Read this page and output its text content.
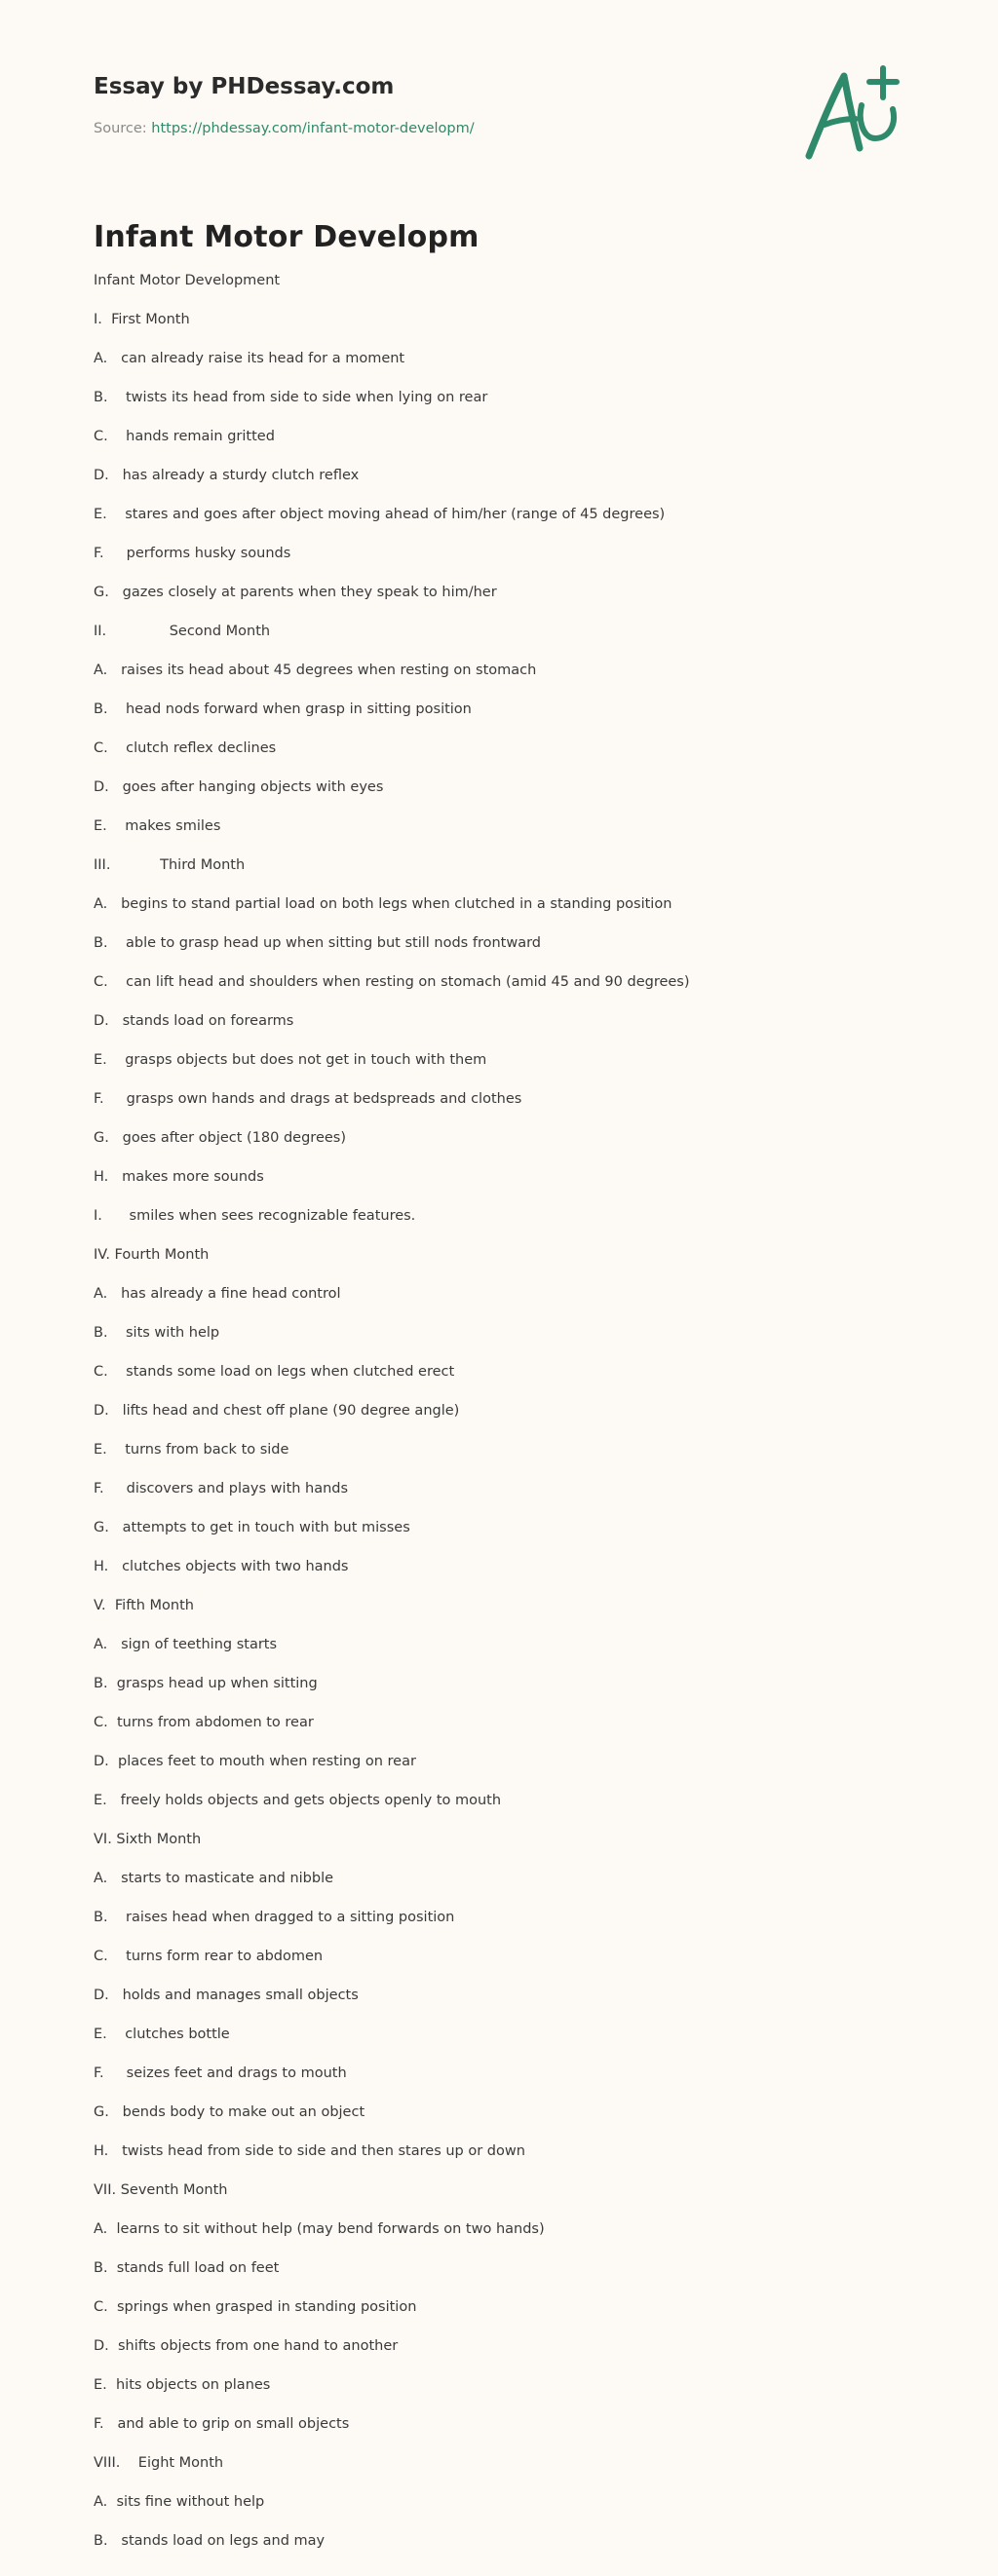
Essay by PHDessay.com
Source: https://phdessay.com/infant-motor-developm/
Infant Motor Developm

Infant Motor Development

I.  First Month

A.   can already raise its head for a moment

B.    twists its head from side to side when lying on rear

C.    hands remain gritted

D.   has already a sturdy clutch reflex

E.    stares and goes after object moving ahead of him/her (range of 45 degrees)

F.     performs husky sounds

G.   gazes closely at parents when they speak to him/her

II.              Second Month

A.   raises its head about 45 degrees when resting on stomach

B.    head nods forward when grasp in sitting position

C.    clutch reflex declines

D.   goes after hanging objects with eyes

E.    makes smiles

III.           Third Month

A.   begins to stand partial load on both legs when clutched in a standing position

B.    able to grasp head up when sitting but still nods frontward

C.    can lift head and shoulders when resting on stomach (amid 45 and 90 degrees)

D.   stands load on forearms

E.    grasps objects but does not get in touch with them

F.     grasps own hands and drags at bedspreads and clothes

G.   goes after object (180 degrees)

H.   makes more sounds

I.      smiles when sees recognizable features.

IV. Fourth Month

A.   has already a fine head control

B.    sits with help

C.    stands some load on legs when clutched erect

D.   lifts head and chest off plane (90 degree angle)

E.    turns from back to side

F.     discovers and plays with hands

G.   attempts to get in touch with but misses

H.   clutches objects with two hands

V.  Fifth Month

A.   sign of teething starts

B.  grasps head up when sitting

C.  turns from abdomen to rear

D.  places feet to mouth when resting on rear

E.   freely holds objects and gets objects openly to mouth

VI. Sixth Month

A.   starts to masticate and nibble

B.    raises head when dragged to a sitting position

C.    turns form rear to abdomen

D.   holds and manages small objects

E.    clutches bottle

F.     seizes feet and drags to mouth

G.   bends body to make out an object

H.   twists head from side to side and then stares up or down

VII. Seventh Month

A.  learns to sit without help (may bend forwards on two hands)

B.  stands full load on feet

C.  springs when grasped in standing position

D.  shifts objects from one hand to another

E.  hits objects on planes

F.   and able to grip on small objects

VIII.    Eight Month

A.  sits fine without help

B.   stands load on legs and may
